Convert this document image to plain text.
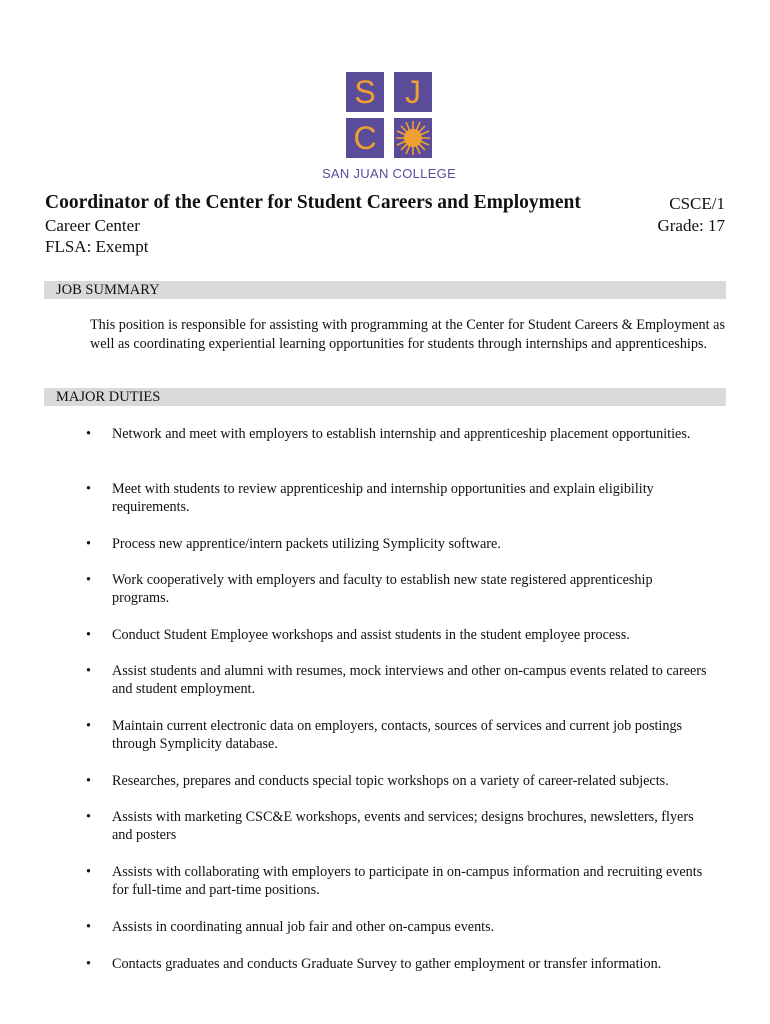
S J
C
SAN JUAN COLLEGE
Coordinator of the Center for Student Careers and Employment
Career Center
FLSA: Exempt
CSCE/1
Grade: 17
JOB SUMMARY
This position is responsible for assisting with programming at the Center for Student Careers & Employment as well as coordinating experiential learning opportunities for students through internships and apprenticeships.
MAJOR DUTIES
• Network and meet with employers to establish internship and apprenticeship placement opportunities.
• Meet with students to review apprenticeship and internship opportunities and explain eligibility requirements.
• Process new apprentice/intern packets utilizing Symplicity software.
• Work cooperatively with employers and faculty to establish new state registered apprenticeship programs.
• Conduct Student Employee workshops and assist students in the student employee process.
• Assist students and alumni with resumes, mock interviews and other on-campus events related to careers and student employment.
• Maintain current electronic data on employers, contacts, sources of services and current job postings through Symplicity database.
• Researches, prepares and conducts special topic workshops on a variety of career-related subjects.
• Assists with marketing CSC&E workshops, events and services; designs brochures, newsletters, flyers and posters
• Assists with collaborating with employers to participate in on-campus information and recruiting events for full-time and part-time positions.
• Assists in coordinating annual job fair and other on-campus events.
• Contacts graduates and conducts Graduate Survey to gather employment or transfer information.
